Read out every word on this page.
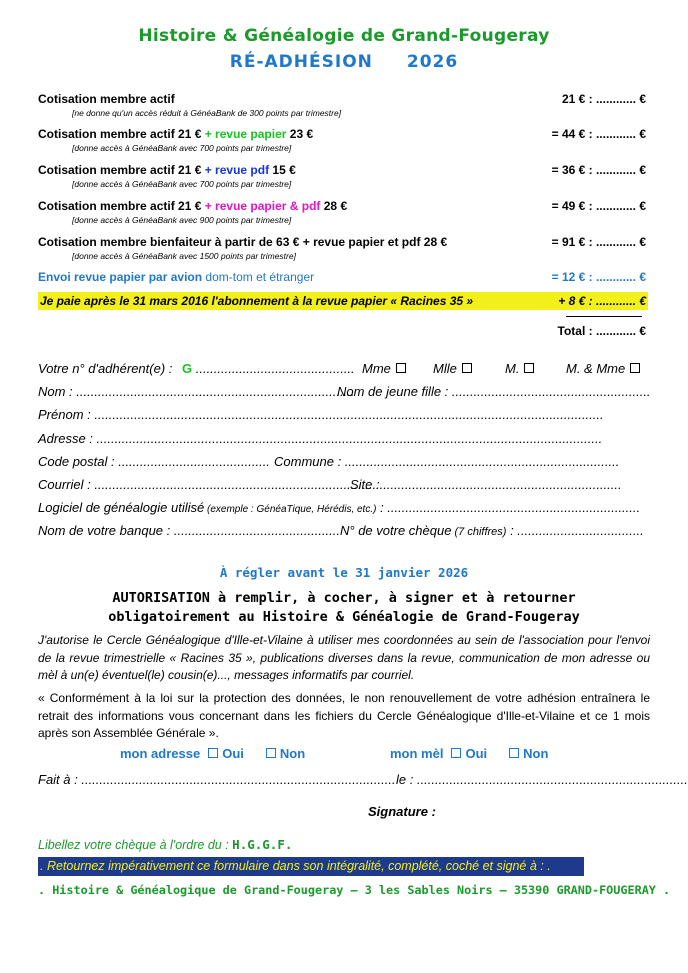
Histoire & Généalogie de Grand-Fougeray
RÉ-ADHÉSION 2026
Cotisation membre actif
[ne donne qu'un accès réduit à GénéaBank de 300 points par trimestre]
21 € : ............ €
Cotisation membre actif 21 € + revue papier 23 €
[donne accès à GénéaBank avec 700 points par trimestre]
= 44 € : ............ €
Cotisation membre actif 21 € + revue pdf 15 €
[donne accès à GénéaBank avec 700 points par trimestre]
= 36 € : ............ €
Cotisation membre actif 21 € + revue papier & pdf 28 €
[donne accès à GénéaBank avec 900 points par trimestre]
= 49 € : ............ €
Cotisation membre bienfaiteur à partir de 63 € + revue papier et pdf 28 €
[donne accès à GénéaBank avec 1500 points par trimestre]
= 91 € : ............ €
Envoi revue papier par avion dom-tom et étranger	= 12 € : ............ €
Je paie après le 31 mars 2016 l'abonnement à la revue papier « Racines 35 »	+ 8 € : ............ €
Total : ............ €
Votre n° d'adhérent(e) : G ............................................ Mme	Mlle	M.	M. & Mme
Nom : .............................................................................
Nom de jeune fille : .......................................................
Prénom : .............................................................................................................................................
Adresse : ............................................................................................................................................
Code postal : .......................................... Commune : ............................................................................
Courriel : ................................................................................
Site : ..................................................................
Logiciel de généalogie utilisé (exemple : GénéaTique, Hérédis, etc.) : ......................................................................
Nom de votre banque : .............................................. N° de votre chèque (7 chiffres) : ...................................
À régler avant le 31 janvier 2026
AUTORISATION à remplir, à cocher, à signer et à retourner
obligatoirement au Histoire & Généalogie de Grand-Fougeray
J'autorise le Cercle Généalogique d'Ille-et-Vilaine à utiliser mes coordonnées au sein de l'association pour l'envoi de la revue trimestrielle « Racines 35 », publications diverses dans la revue, communication de mon adresse ou mèl à un(e) éventuel(le) cousin(e)..., messages informatifs par courriel.
« Conformément à la loi sur la protection des données, le non renouvellement de votre adhésion entraînera le retrait des informations vous concernant dans les fichiers du Cercle Généalogique d'Ille-et-Vilaine et ce 1 mois après son Assemblée Générale ».
mon adresse Oui	Non	mon mèl Oui	Non
Fait à : ....................................................................................... le : ...........................................................................
Signature :
Libellez votre chèque à l'ordre du : H.G.G.F.
. Retournez impérativement ce formulaire dans son intégralité, complété, coché et signé à : .
. Histoire & Généalogique de Grand-Fougeray – 3 les Sables Noirs – 35390 GRAND-FOUGERAY .
